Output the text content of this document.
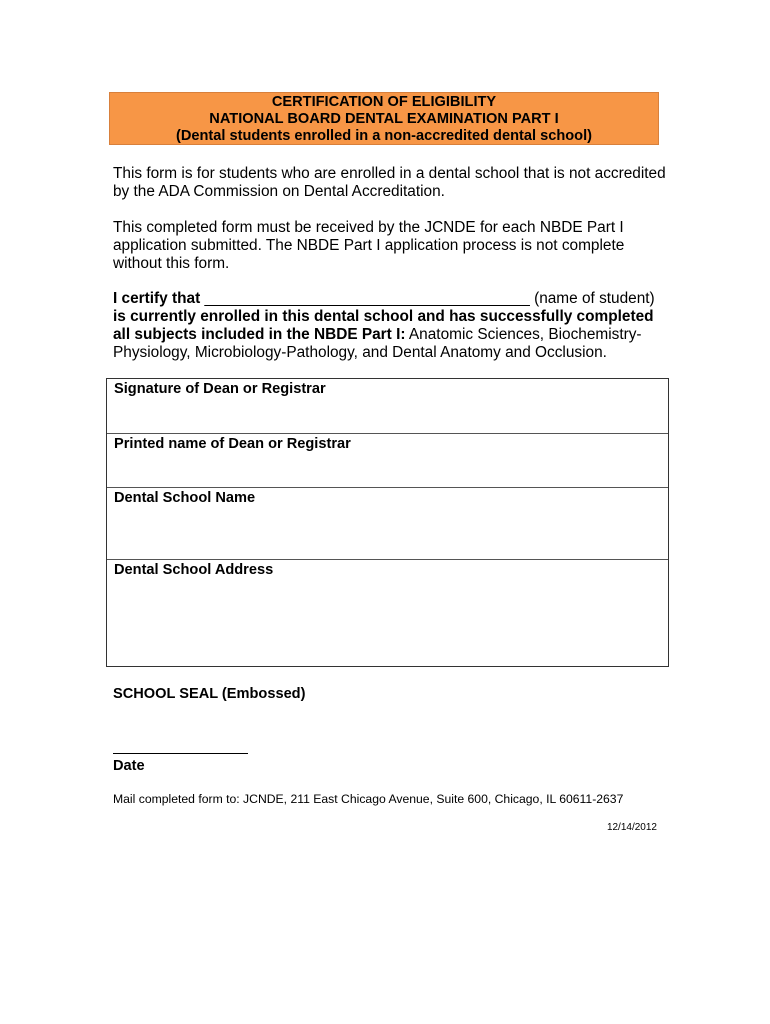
CERTIFICATION OF ELIGIBILITY
NATIONAL BOARD DENTAL EXAMINATION PART I
(Dental students enrolled in a non-accredited dental school)
This form is for students who are enrolled in a dental school that is not accredited
by the ADA Commission on Dental Accreditation.
This completed form must be received by the JCNDE for each NBDE Part I
application submitted. The NBDE Part I application process is not complete
without this form.
I certify that ______________________________________ (name of student)
is currently enrolled in this dental school and has successfully completed
all subjects included in the NBDE Part I: Anatomic Sciences, Biochemistry-
Physiology, Microbiology-Pathology, and Dental Anatomy and Occlusion.
Signature of Dean or Registrar
Printed name of Dean or Registrar
Dental School Name
Dental School Address
SCHOOL SEAL (Embossed)
Date
Mail completed form to: JCNDE, 211 East Chicago Avenue, Suite 600, Chicago, IL 60611-2637
12/14/2012
